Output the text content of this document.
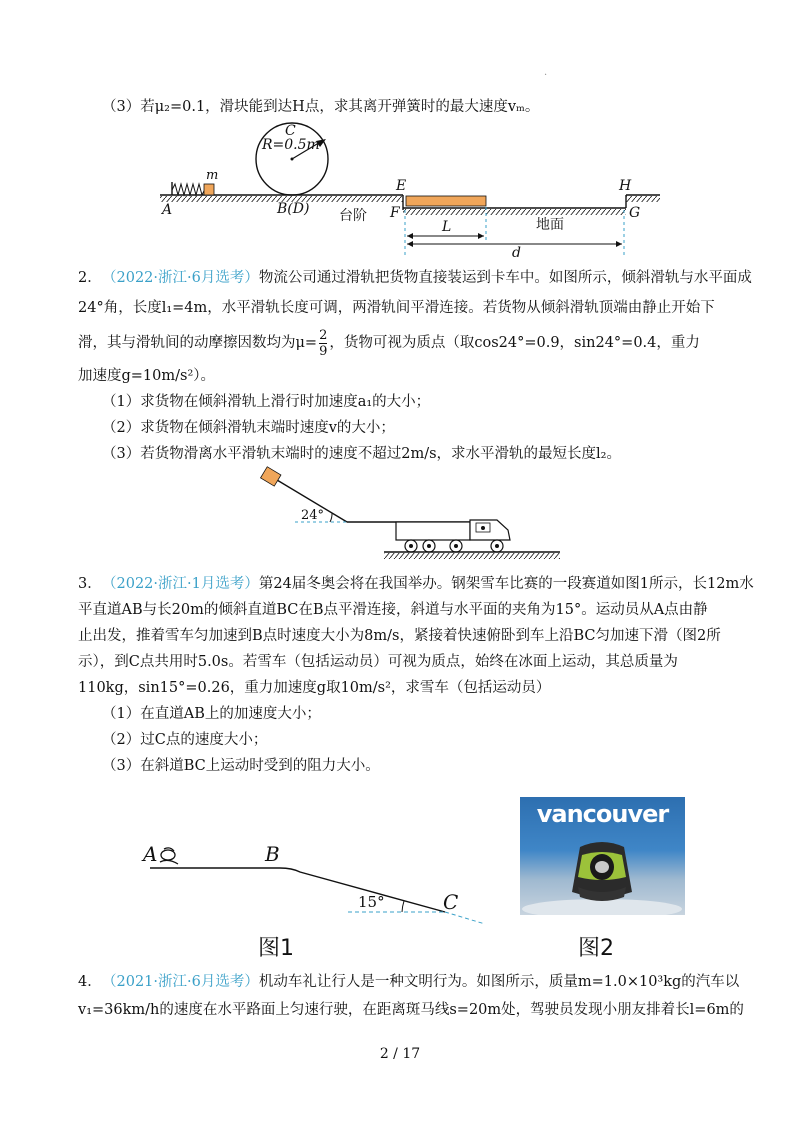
·
（3）若μ₂=0.1，滑块能到达H点，求其离开弹簧时的最大速度vₘ。
C
R=0.5m
m
A	B(D) 台阶
E
F
H
G
地面
L
d
2． （2022·浙江·6月选考）物流公司通过滑轨把货物直接装运到卡车中。如图所示，倾斜滑轨与水平面成
24°角，长度l₁=4m，水平滑轨长度可调，两滑轨间平滑连接。若货物从倾斜滑轨顶端由静止开始下
滑，其与滑轨间的动摩擦因数均为$\mu= \frac{2}{9}$ ，货物可视为质点（取cos24°=0.9，sin24°=0.4，重力
加速度g=10m/s²）。
（1）求货物在倾斜滑轨上滑行时加速度a₁的大小；
（2）求货物在倾斜滑轨末端时速度v的大小；
（3）若货物滑离水平滑轨末端时的速度不超过2m/s，求水平滑轨的最短长度l₂。
24°
3． （2022·浙江·1月选考）第24届冬奥会将在我国举办。钢架雪车比赛的一段赛道如图1所示，长12m水
平直道AB与长20m的倾斜直道BC在B点平滑连接，斜道与水平面的夹角为15°。运动员从A点由静
止出发，推着雪车匀加速到B点时速度大小为8m/s，紧接着快速俯卧到车上沿BC匀加速下滑（图2所
示），到C点共用时5.0s。若雪车（包括运动员）可视为质点，始终在冰面上运动，其总质量为
110kg，sin15°=0.26，重力加速度g取10m/s²，求雪车（包括运动员）
（1）在直道AB上的加速度大小；
（2）过C点的速度大小；
（3）在斜道BC上运动时受到的阻力大小。
A	B
C
15°
图1
vancouver
图2
4． （2021·浙江·6月选考）机动车礼让行人是一种文明行为。如图所示，质量m=1.0×10³kg的汽车以
v₁=36km/h的速度在水平路面上匀速行驶，在距离斑马线s=20m处，驾驶员发现小朋友排着长l=6m的
2 / 17
